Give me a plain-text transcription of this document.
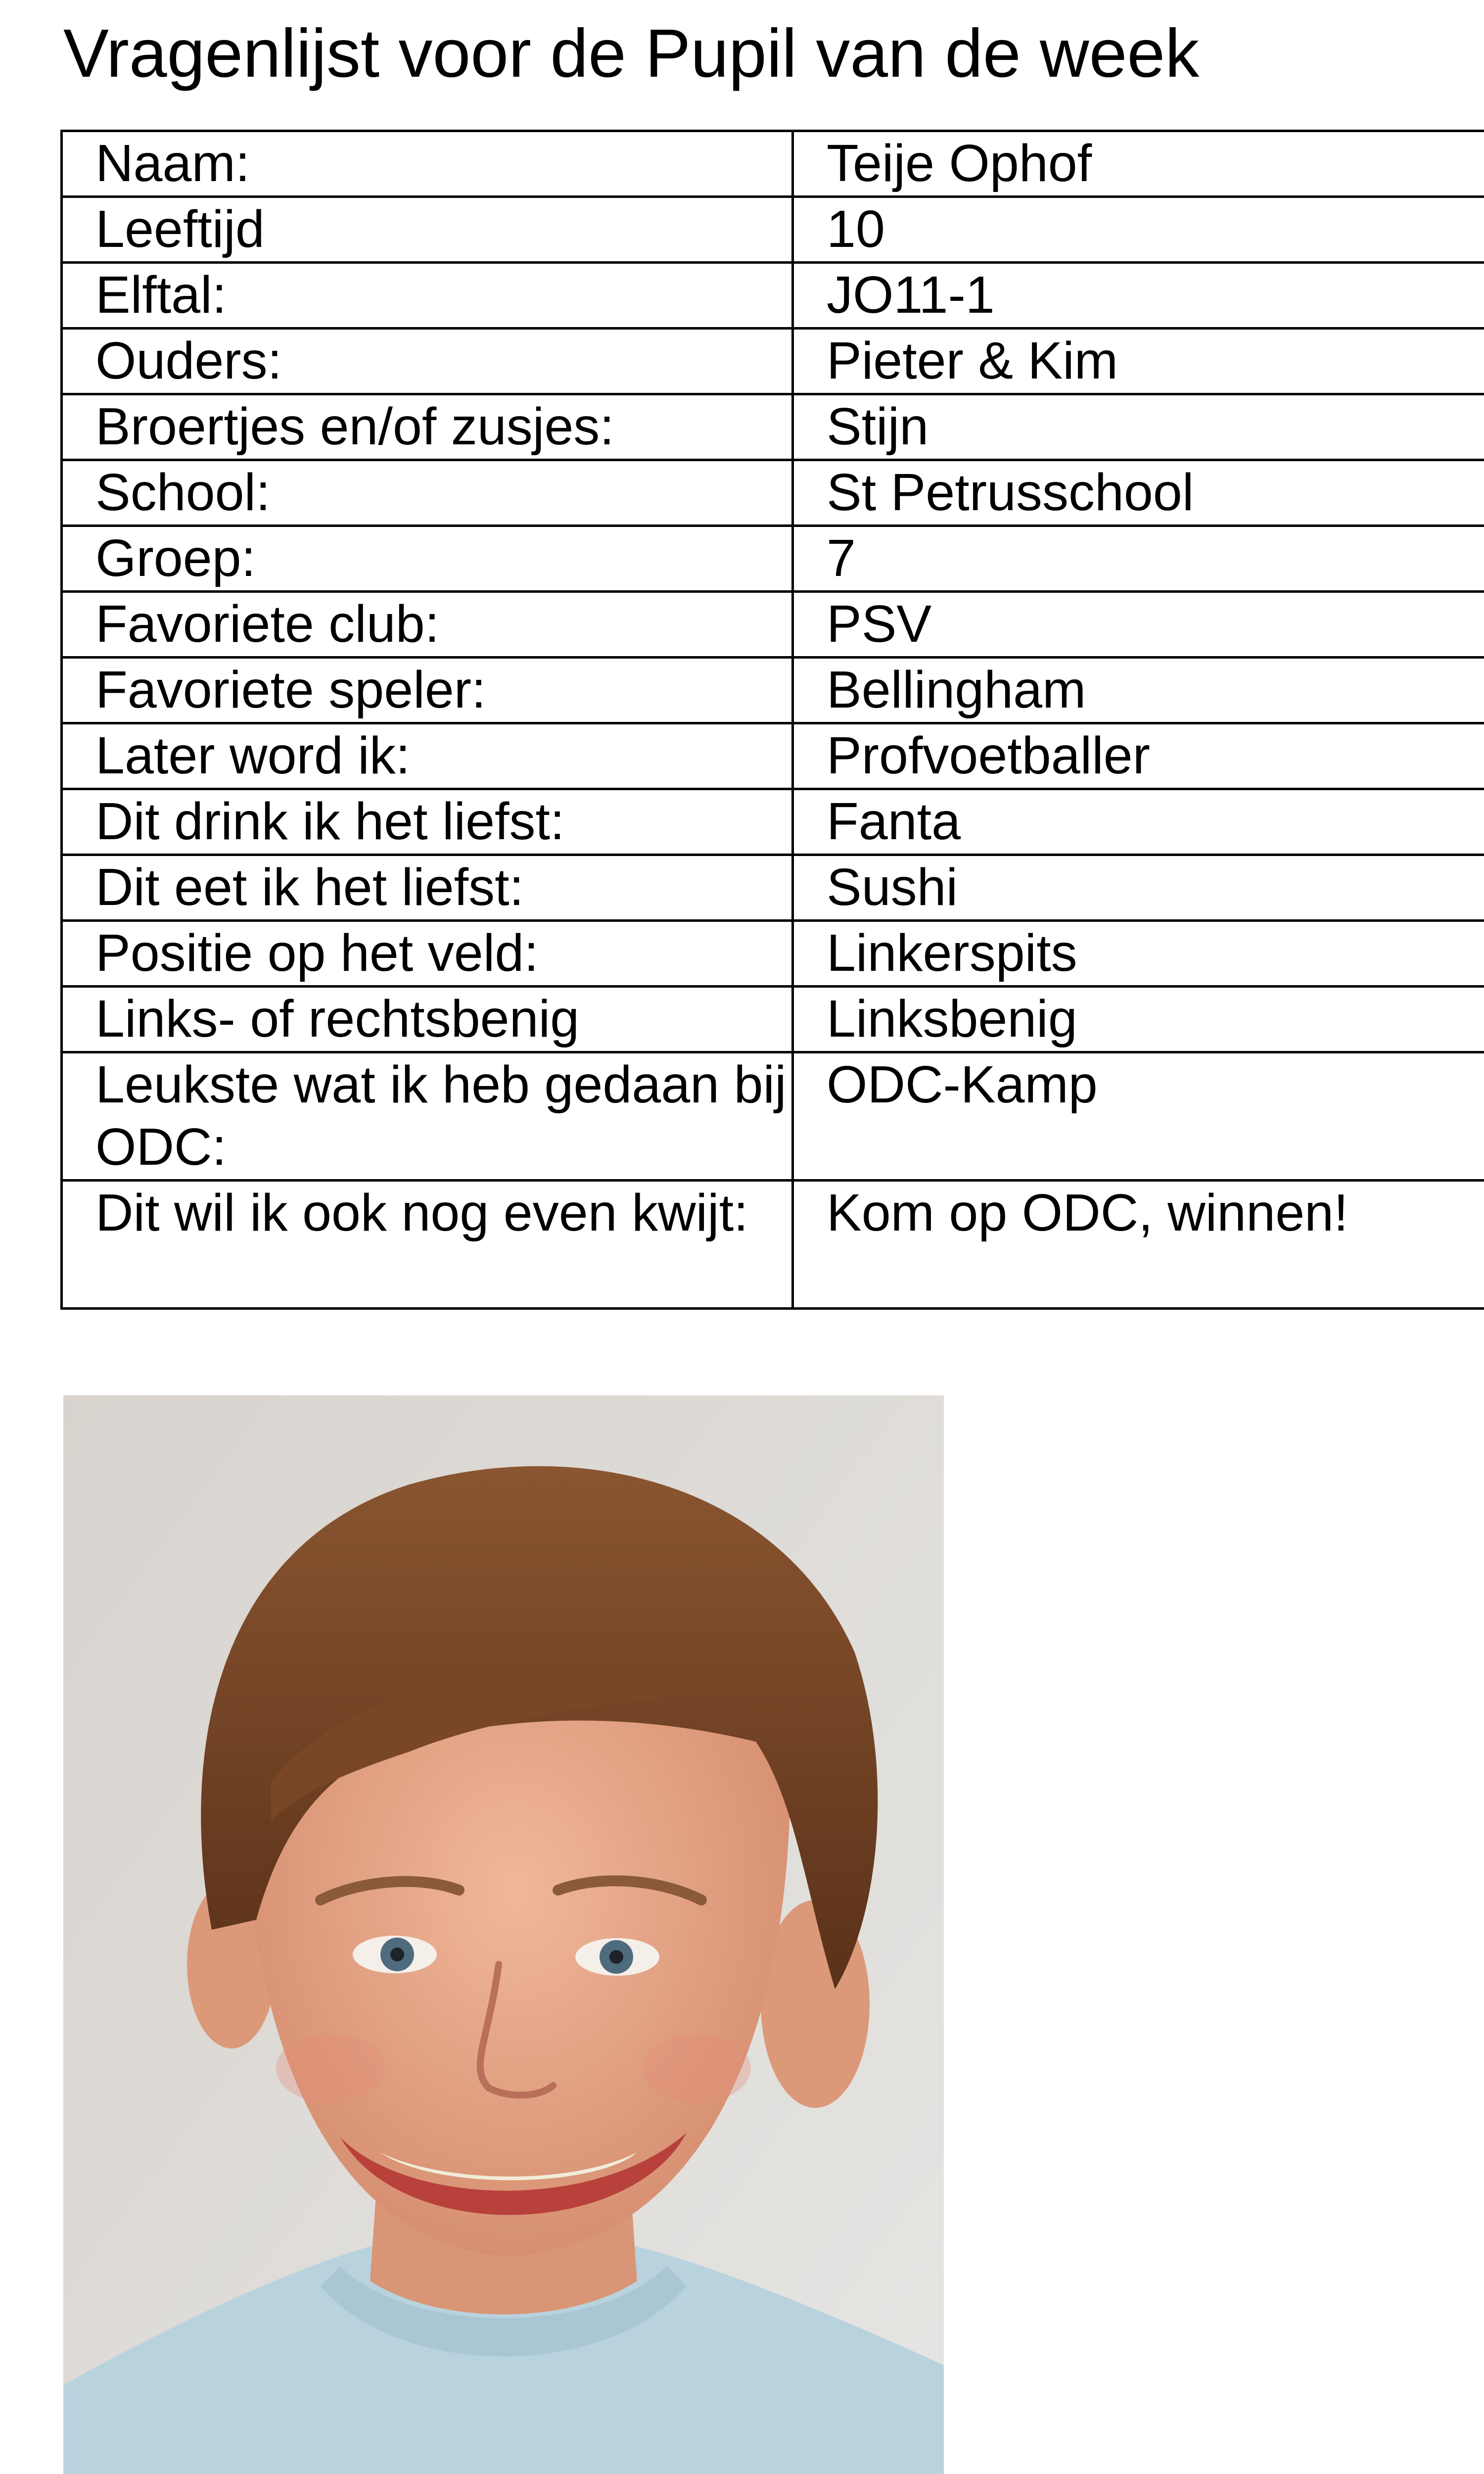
Vragenlijst voor de Pupil van de week
Naam:	Teije Ophof
Leeftijd	10
Elftal:	JO11-1
Ouders:	Pieter & Kim
Broertjes en/of zusjes:	Stijn
School:	St Petrusschool
Groep:	7
Favoriete club:	PSV
Favoriete speler:	Bellingham
Later word ik:	Profvoetballer
Dit drink ik het liefst:	Fanta
Dit eet ik het liefst:	Sushi
Positie op het veld:	Linkerspits
Links- of rechtsbenig	Linksbenig
Leukste wat ik heb gedaan bij ODC:	ODC-Kamp
Dit wil ik ook nog even kwijt:	Kom op ODC, winnen!
